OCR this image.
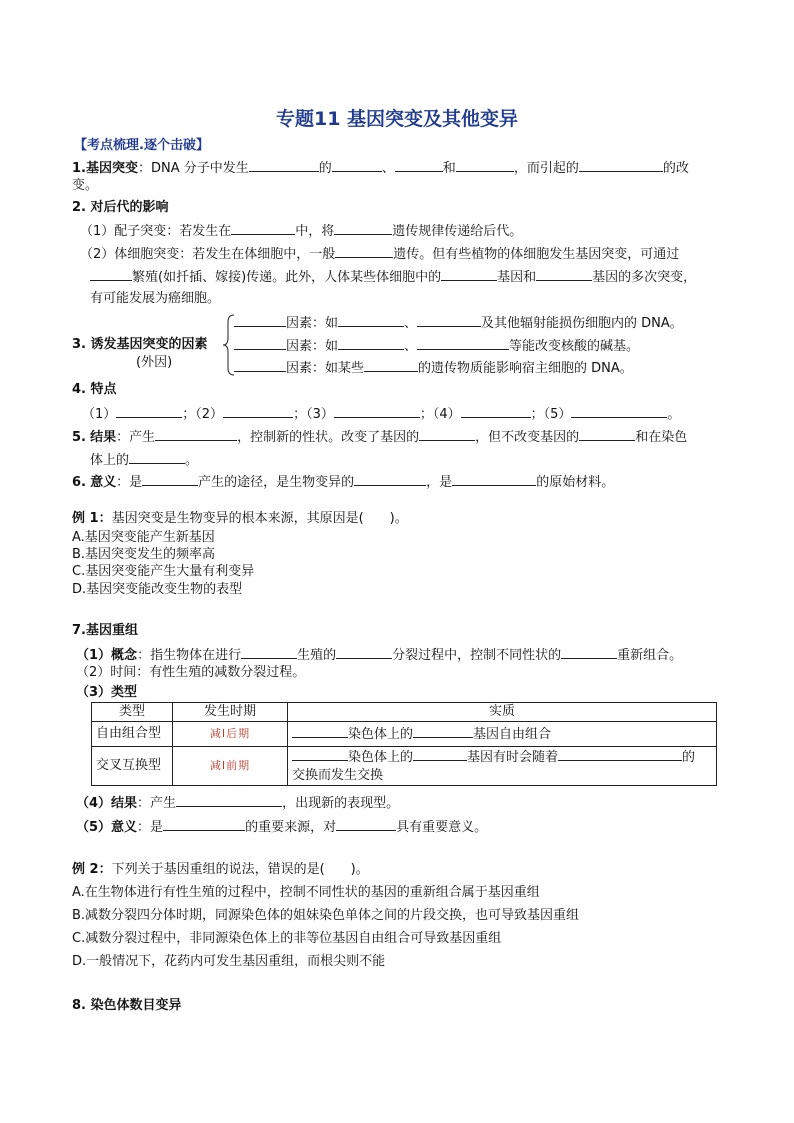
专题11 基因突变及其他变异
【考点梳理.逐个击破】
1.基因突变：DNA 分子中发生	的	、	和	，而引起的	的改
变。
2. 对后代的影响
（1）配子突变：若发生在	中，将	遗传规律传递给后代。
（2）体细胞突变：若发生在体细胞中，一般	遗传。但有些植物的体细胞发生基因突变，可通过
繁殖(如扦插、嫁接)传递。此外，人体某些体细胞中的	基因和	基因的多次突变，
有可能发展为癌细胞。
3. 诱发基因突变的因素
(外因)
因素：如	、	及其他辐射能损伤细胞内的 DNA。
因素：如	、	等能改变核酸的碱基。
因素：如某些	的遗传物质能影响宿主细胞的 DNA。
4. 特点
（1）	；（2）	；（3）	；（4）	；（5）	。
5. 结果：产生	，控制新的性状。改变了基因的	，但不改变基因的	和在染色
体上的	。
6. 意义：是	产生的途径，是生物变异的	，是	的原始材料。
例 1：基因突变是生物变异的根本来源，其原因是(　　)。
A.基因突变能产生新基因
B.基因突变发生的频率高
C.基因突变能产生大量有利变异
D.基因突变能改变生物的表型
7.基因重组
（1）概念：指生物体在进行	生殖的	分裂过程中，控制不同性状的	重新组合。
（2）时间：有性生殖的减数分裂过程。
（3）类型
类型	发生时期	实质
自由组合型	减Ⅰ后期	染色体上的 基因自由组合
交叉互换型	减Ⅰ前期	染色体上的 基因有时会随着 的
交换而发生交换
（4）结果：产生	，出现新的表现型。
（5）意义：是	的重要来源，对	具有重要意义。
例 2：下列关于基因重组的说法，错误的是(　　)。
A.在生物体进行有性生殖的过程中，控制不同性状的基因的重新组合属于基因重组
B.减数分裂四分体时期，同源染色体的姐妹染色单体之间的片段交换，也可导致基因重组
C.减数分裂过程中，非同源染色体上的非等位基因自由组合可导致基因重组
D.一般情况下，花药内可发生基因重组，而根尖则不能
8. 染色体数目变异
